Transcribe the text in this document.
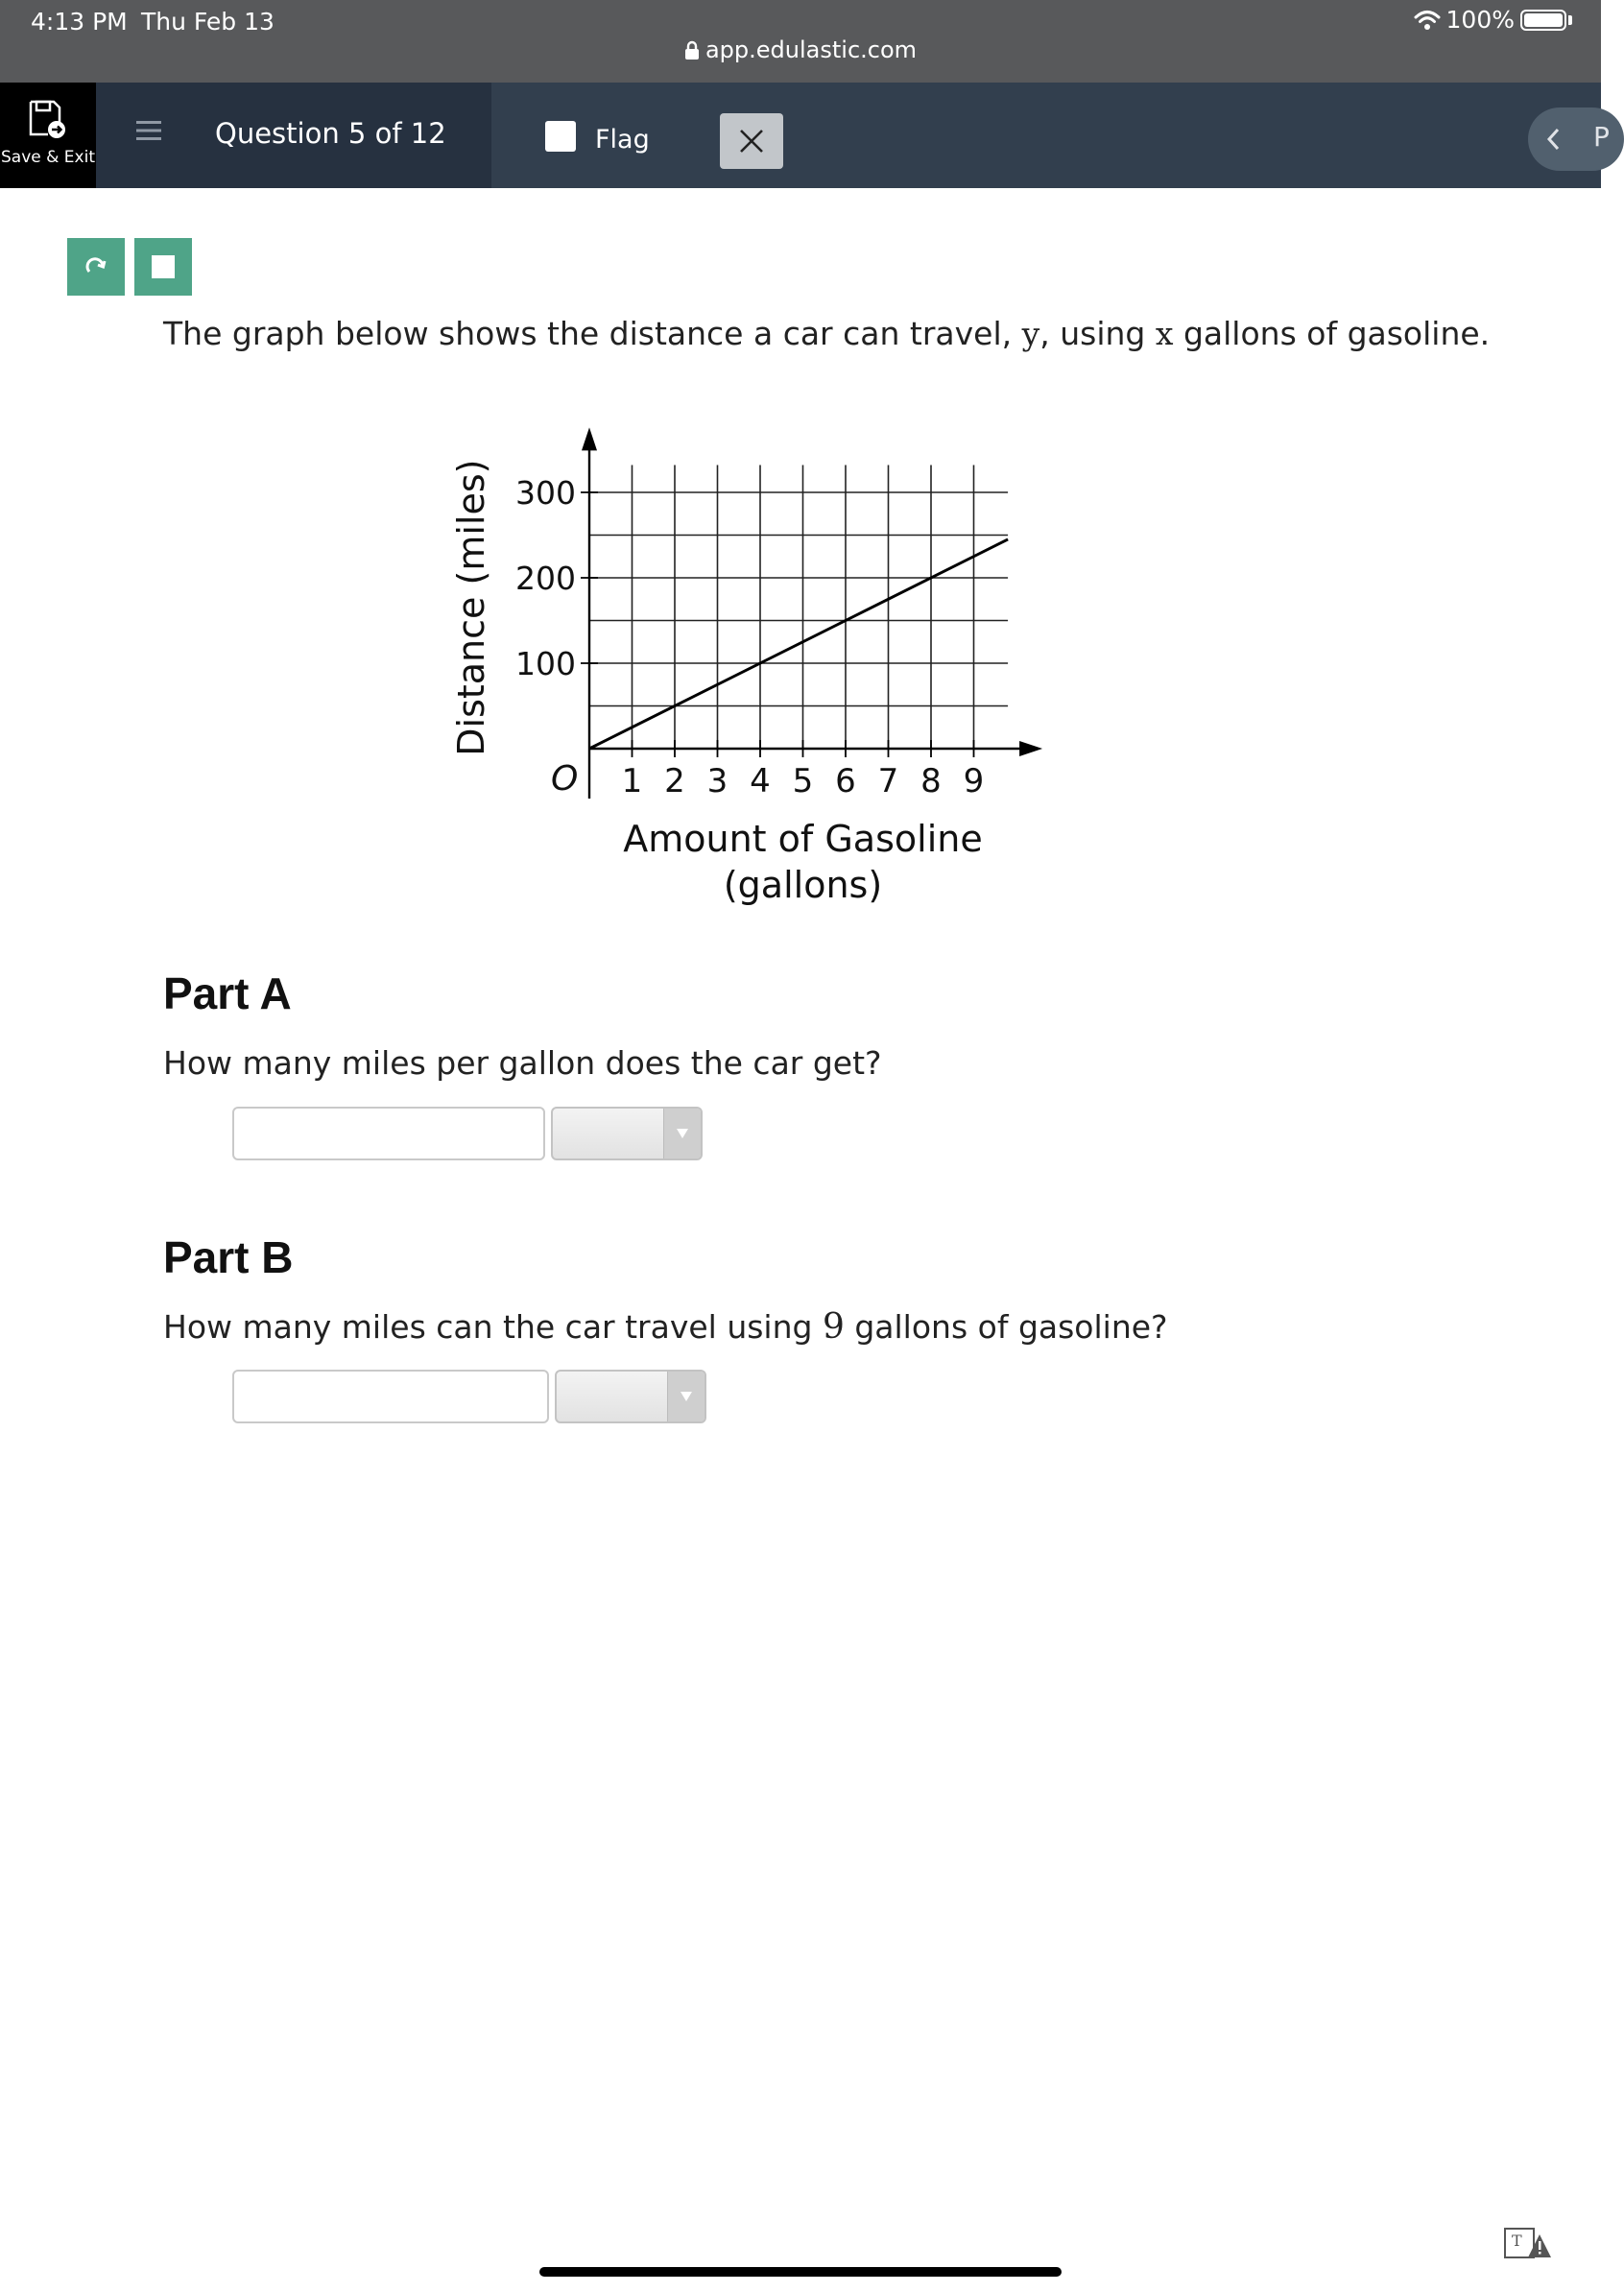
4:13 PM Thu Feb 13
app.edulastic.com
100%
Save & Exit
Question 5 of 12	Flag	P
The graph below shows the distance a car can travel, y, using x gallons of gasoline.
1 2 3 4 5 6 7 8 9
100
200
300
O
Amount of Gasoline
(gallons)
Distance (miles)
Part A
How many miles per gallon does the car get?
Part B
How many miles can the car travel using 9 gallons of gasoline?
T
